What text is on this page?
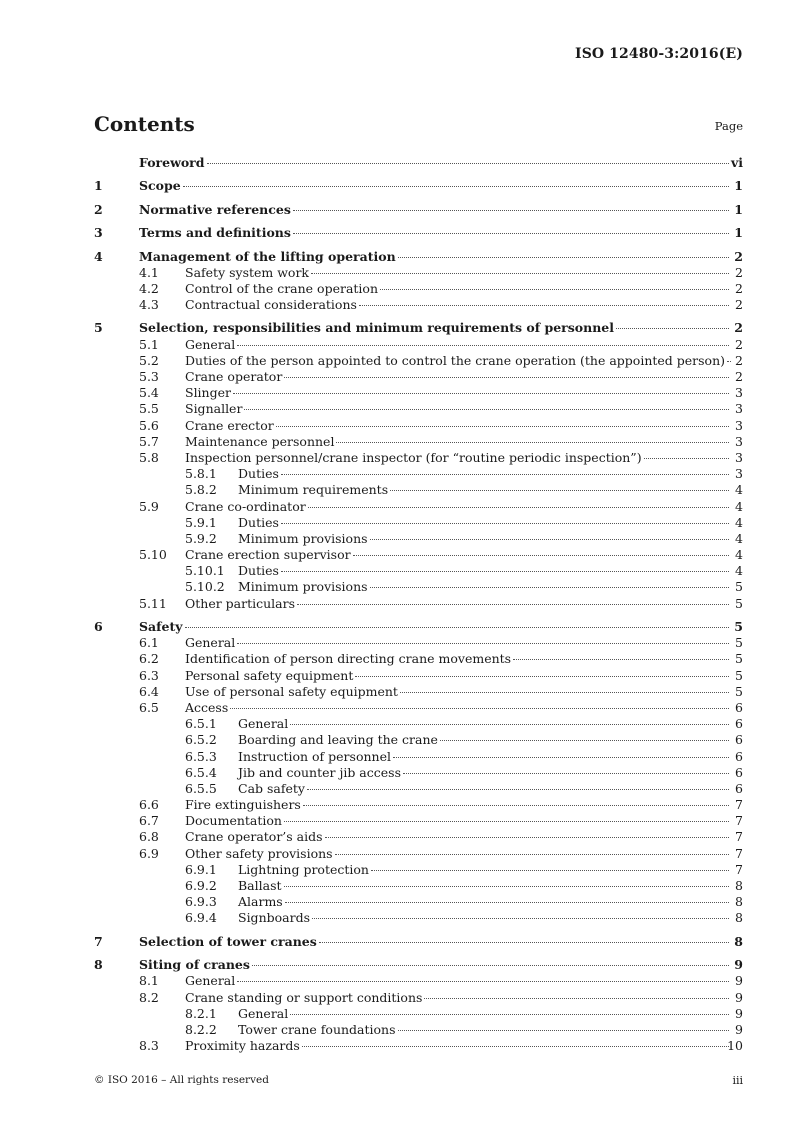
ISO 12480-3:2016(E)
Contents	Page
Foreword	vi
1	Scope	1
2	Normative references	1
3	Terms and definitions	1
4	Management of the lifting operation	2
4.1 Safety system work	2
4.2 Control of the crane operation	2
4.3 Contractual considerations	2
5	Selection, responsibilities and minimum requirements of personnel	2
5.1 General	2
5.2 Duties of the person appointed to control the crane operation (the appointed person) 2
5.3 Crane operator	2
5.4 Slinger	3
5.5 Signaller	3
5.6 Crane erector	3
5.7 Maintenance personnel	3
5.8 Inspection personnel/crane inspector (for “routine periodic inspection”)	3
5.8.1 Duties	3
5.8.2 Minimum requirements	4
5.9 Crane co-ordinator	4
5.9.1 Duties	4
5.9.2 Minimum provisions	4
5.10 Crane erection supervisor	4
5.10.1 Duties	4
5.10.2 Minimum provisions	5
5.11 Other particulars	5
6	Safety	5
6.1 General	5
6.2 Identification of person directing crane movements	5
6.3 Personal safety equipment	5
6.4 Use of personal safety equipment	5
6.5 Access	6
6.5.1 General	6
6.5.2 Boarding and leaving the crane	6
6.5.3 Instruction of personnel	6
6.5.4 Jib and counter jib access	6
6.5.5 Cab safety	6
6.6 Fire extinguishers	7
6.7 Documentation	7
6.8 Crane operator’s aids	7
6.9 Other safety provisions	7
6.9.1 Lightning protection	7
6.9.2 Ballast	8
6.9.3 Alarms	8
6.9.4 Signboards	8
7	Selection of tower cranes	8
8	Siting of cranes	9
8.1 General	9
8.2 Crane standing or support conditions	9
8.2.1 General	9
8.2.2 Tower crane foundations	9
8.3 Proximity hazards	10
© ISO 2016 – All rights reserved	iii
